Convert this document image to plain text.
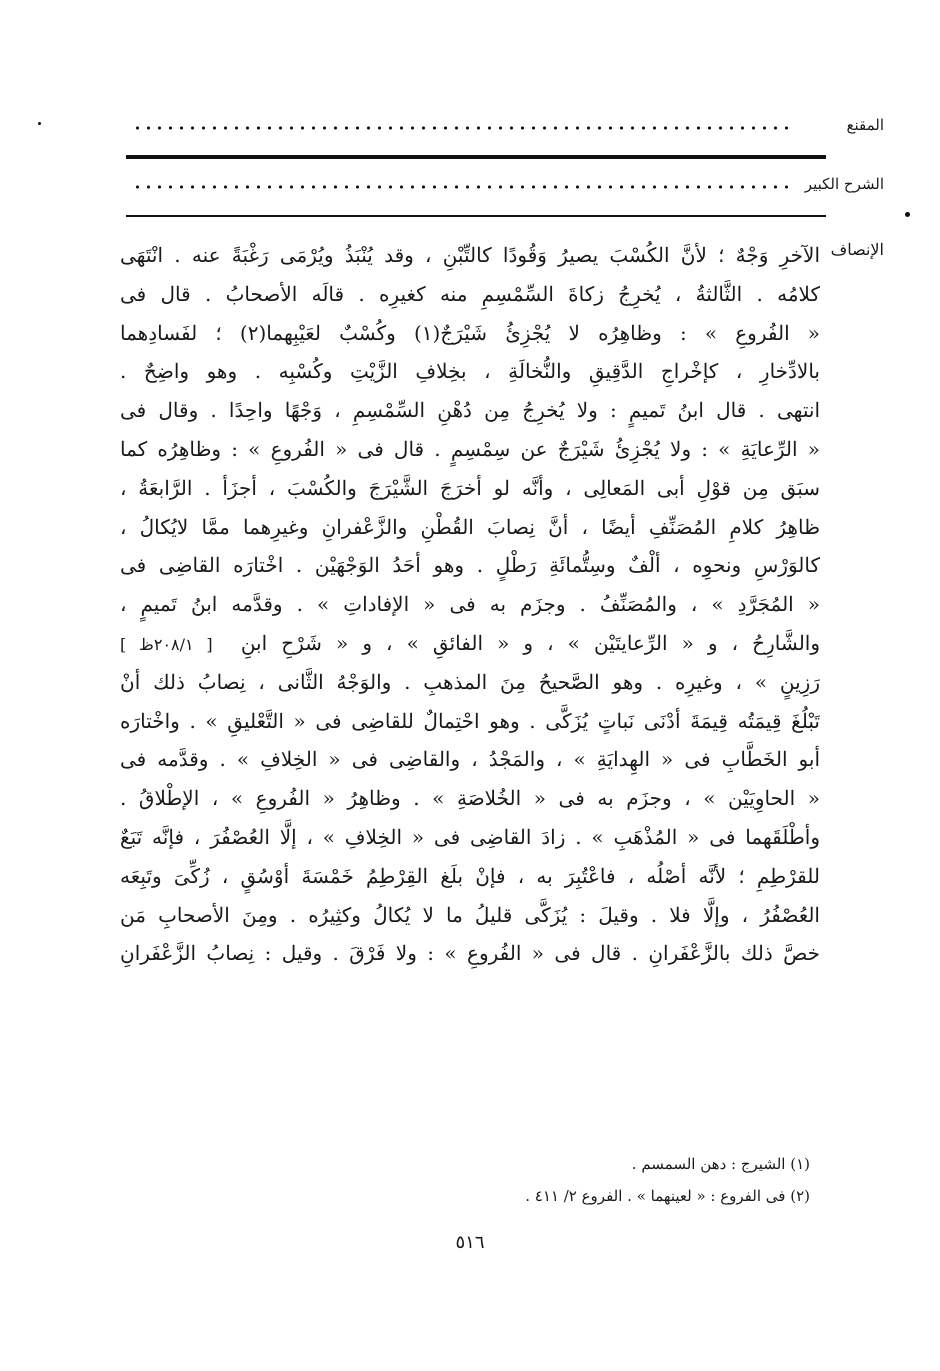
المقنع
الشرح الكبير
الإنصاف
الآخرِ وَجْهٌ ؛ لأنَّ الكُسْبَ يصيرُ وَقُودًا كالتِّبْنِ ، وقد يُنْبَذُ ويُرْمَى رَغْبَةً عنه . انْتَهَى
كلامُه . الثَّالثةُ ، يُخرِجُ زكاةَ السِّمْسِمِ منه كغيرِه . قالَه الأصحابُ . قال فى
« الفُروعِ » : وظاهِرُه لا يُجْزِئُ شَيْرَجٌ(١) وكُسْبٌ لعَيْبِهما(٢) ؛ لفَسادِهما
بالادِّخارِ ، كإخْراجِ الدَّقِيقِ والنُّخالَةِ ، بخِلافِ الزَّيْتِ وكُسْبِه . وهو واضِحٌ .
انتهى . قال ابنُ تَميمٍ : ولا يُخرِجُ مِن دُهْنِ السِّمْسِمِ ، وَجْهًا واحِدًا . وقال فى
« الرِّعايَةِ » : ولا يُجْزِئُ شَيْرَجٌ عن سِمْسِمٍ . قال فى « الفُروعِ » : وظاهِرُه كما
سبَق مِن قوْلِ أبى المَعالِى ، وأنَّه لو أخرَجَ الشَّيْرَجَ والكُسْبَ ، أجزَأ . الرَّابعَةُ ،
ظاهِرُ كلامِ المُصَنِّفِ أيضًا ، أنَّ نِصابَ القُطْنِ والزَّعْفرانِ وغيرِهما ممَّا لايُكالُ ،
كالوَرْسِ ونحوِه ، ألْفٌ وسِتُّمائَةِ رَطْلٍ . وهو أحَدُ الوَجْهَيْن . اخْتارَه القاضِى فى
« المُجَرَّدِ » ، والمُصَنِّفُ . وجزَم به فى « الإفاداتِ » . وقدَّمه ابنُ تَميمٍ ،
والشَّارِحُ ، و « الرِّعايتَيْن » ، و « الفائقِ » ، و « شَرْحِ ابنِ  [ ٢٠٨/١ظ ]
رَزِينٍ » ، وغيرِه . وهو الصَّحيحُ مِنَ المذهبِ . والوَجْهُ الثَّانى ، نِصابُ ذلك أنْ
تَبْلُغَ قِيمَتُه قِيمَةَ أدْنَى نَباتٍ يُزَكَّى . وهو احْتِمالٌ للقاضِى فى « التَّعْليقِ » . واخْتارَه
أبو الخَطَّابِ فى « الهِدايَةِ » ، والمَجْدُ ، والقاضِى فى « الخِلافِ » . وقدَّمه فى
« الحاوِيَيْن » ، وجزَم به فى « الخُلاصَةِ » . وظاهِرُ « الفُروعِ » ، الإطْلاقُ .
وأطْلَقَهما فى « المُذْهَبِ » . زادَ القاضِى فى « الخِلافِ » ، إلَّا العُصْفُرَ ، فإنَّه تَبَعٌ
للقرْطِمِ ؛ لأنَّه أصْلُه ، فاعْتُبِرَ به ، فإنْ بلَغ القِرْطِمُ خَمْسَةَ أوْسُقٍ ، زُكِّىَ وتَبِعَه
العُصْفُرُ ، وإلَّا فلا . وقيلَ : يُزَكَّى قليلُ ما لا يُكالُ وكثِيرُه . ومِنَ الأصحابِ مَن
خصَّ ذلك بالزَّعْفَرانِ . قال فى « الفُروعِ » : ولا فَرْقَ . وقيل : نِصابُ الزَّعْفَرانِ
(١) الشيرج : دهن السمسم .
(٢) فى الفروع : « لعينهما » . الفروع ٢/ ٤١١ .
٥١٦
